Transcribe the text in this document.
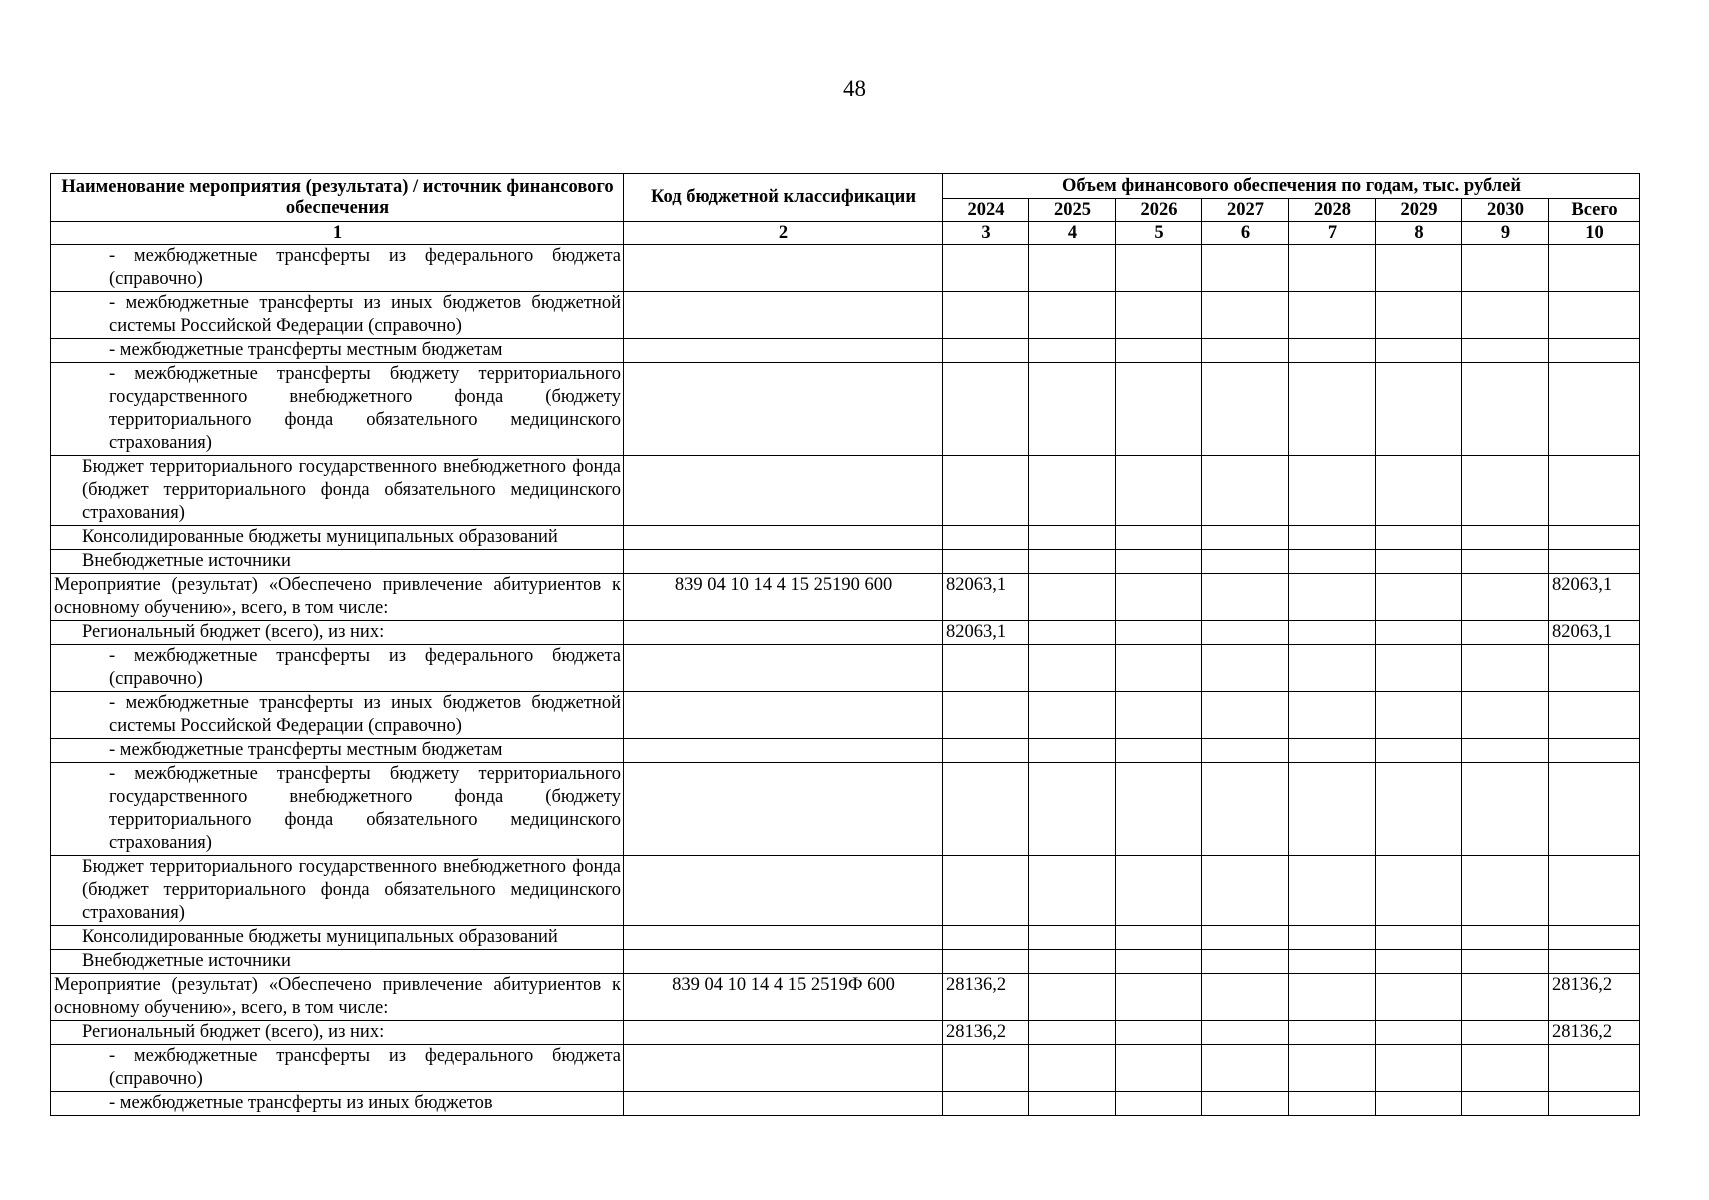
48
Наименование мероприятия (результата) / источник финансового обеспечения	Код бюджетной классификации	Объем финансового обеспечения по годам, тыс. рублей							
		2024	2025	2026	2027	2028	2029	2030	Всего
1	2	3	4	5	6	7	8	9	10
- межбюджетные трансферты из федерального бюджета (справочно)									
- межбюджетные трансферты из иных бюджетов бюджетной системы Российской Федерации (справочно)									
- межбюджетные трансферты местным бюджетам									
- межбюджетные трансферты бюджету территориального государственного внебюджетного фонда (бюджету территориального фонда обязательного медицинского страхования)									
Бюджет территориального государственного внебюджетного фонда (бюджет территориального фонда обязательного медицинского страхования)									
Консолидированные бюджеты муниципальных образований									
Внебюджетные источники									
Мероприятие (результат) «Обеспечено привлечение абитуриентов к основному обучению», всего, в том числе:	839 04 10 14 4 15 25190 600	82063,1							82063,1
Региональный бюджет (всего), из них:		82063,1							82063,1
- межбюджетные трансферты из федерального бюджета (справочно)									
- межбюджетные трансферты из иных бюджетов бюджетной системы Российской Федерации (справочно)									
- межбюджетные трансферты местным бюджетам									
- межбюджетные трансферты бюджету территориального государственного внебюджетного фонда (бюджету территориального фонда обязательного медицинского страхования)									
Бюджет территориального государственного внебюджетного фонда (бюджет территориального фонда обязательного медицинского страхования)									
Консолидированные бюджеты муниципальных образований									
Внебюджетные источники									
Мероприятие (результат) «Обеспечено привлечение абитуриентов к основному обучению», всего, в том числе:	839 04 10 14 4 15 2519Ф 600	28136,2							28136,2
Региональный бюджет (всего), из них:		28136,2							28136,2
- межбюджетные трансферты из федерального бюджета (справочно)									
- межбюджетные трансферты из иных бюджетов									
